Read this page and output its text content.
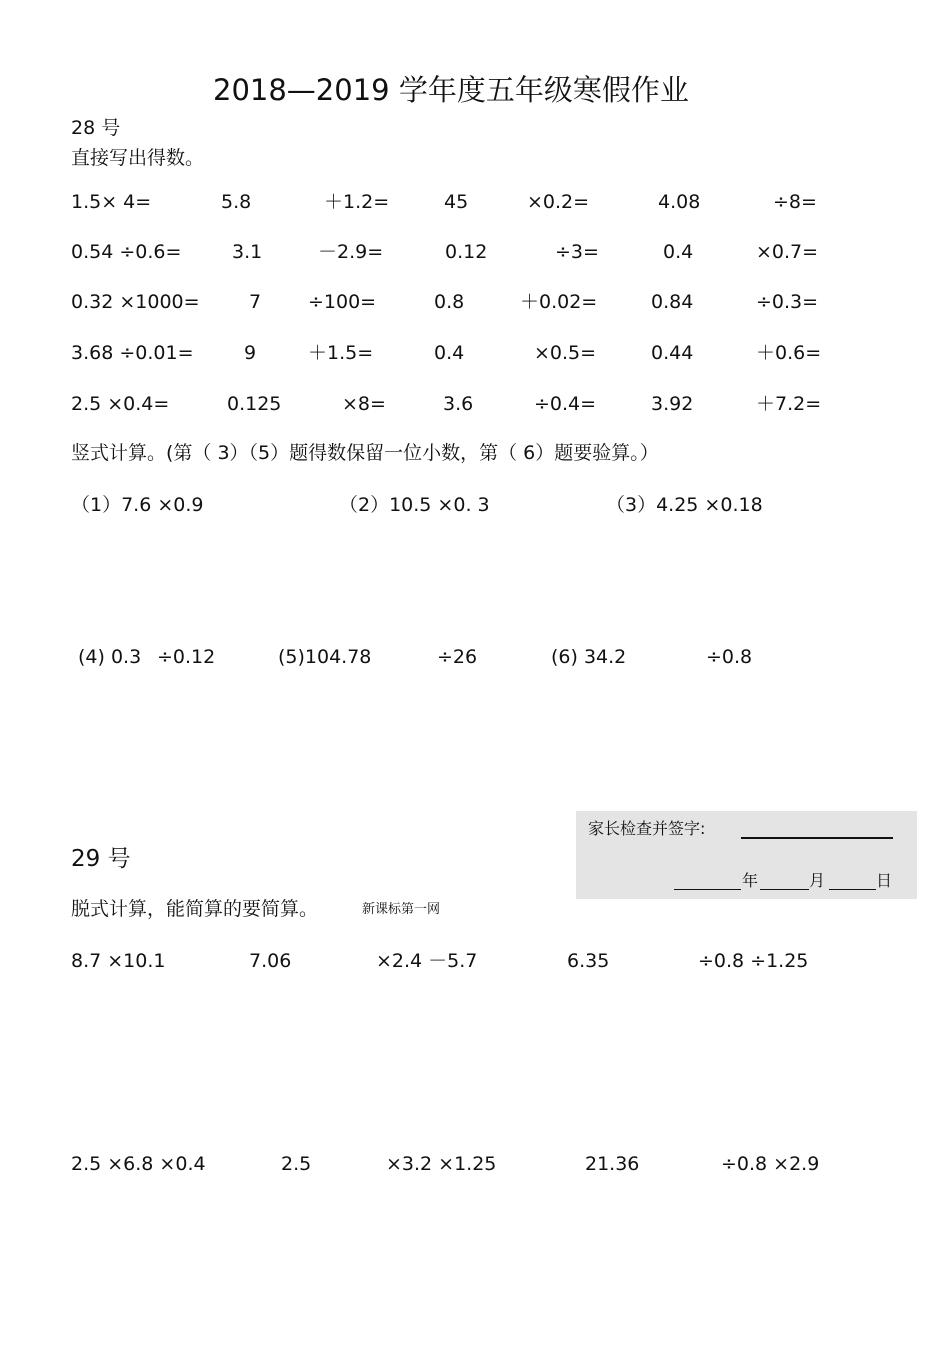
2018—2019 学年度五年级寒假作业
28 号
直接写出得数。
1.5× 4=	5.8	＋1.2=	45	×0.2=	4.08	÷8=
0.54 ÷0.6=	3.1	－2.9=	0.12	÷3=	0.4	×0.7=
0.32 ×1000=	7 ÷100=	0.8	＋0.02=	0.84	÷0.3=
3.68 ÷0.01=	9	＋1.5=	0.4	×0.5=	0.44	＋0.6=
2.5 ×0.4=	0.125	×8=	3.6	÷0.4=	3.92	＋7.2=
竖式计算。(第（ 3）（5）题得数保留一位小数，第（ 6）题要验算。）
（1）7.6 ×0.9	（2）10.5 ×0. 3	（3）4.25 ×0.18
(4) 0.3 ÷0.12	(5)104.78	÷26	(6) 34.2	÷0.8
家长检查并签字:
年	月	日
29 号
脱式计算，能简算的要简算。	新课标第一网
8.7 ×10.1	7.06	×2.4 －5.7	6.35	÷0.8 ÷1.25
2.5 ×6.8 ×0.4	2.5	×3.2 ×1.25	21.36	÷0.8 ×2.9
